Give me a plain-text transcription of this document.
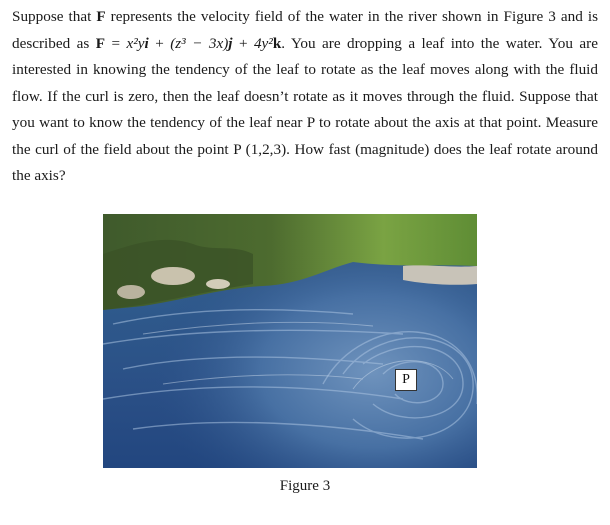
Suppose that F represents the velocity field of the water in the river shown in Figure 3 and is described as F = x²yi + (z³ − 3x)j + 4y²k. You are dropping a leaf into the water. You are interested in knowing the tendency of the leaf to rotate as the leaf moves along with the fluid flow. If the curl is zero, then the leaf doesn’t rotate as it moves through the fluid. Suppose that you want to know the tendency of the leaf near P to rotate about the axis at that point. Measure the curl of the field about the point P (1,2,3). How fast (magnitude) does the leaf rotate around the axis?

P
Figure 3
